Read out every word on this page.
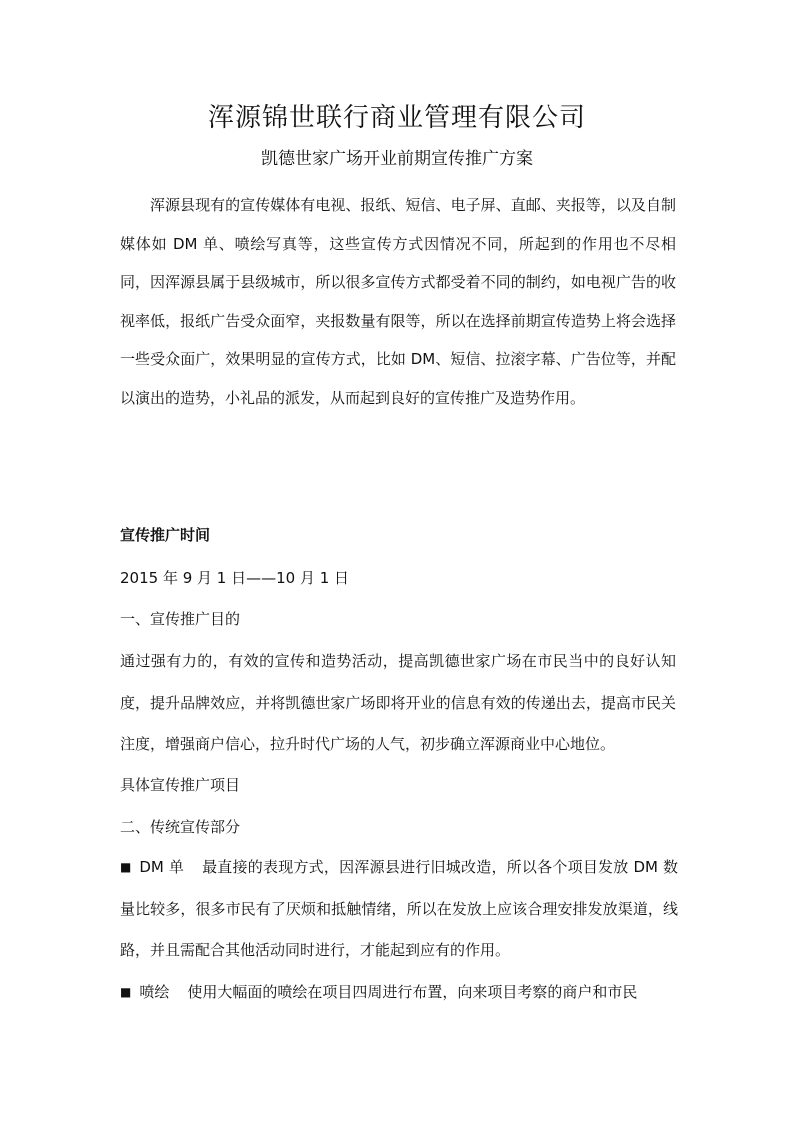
浑源锦世联行商业管理有限公司
凯德世家广场开业前期宣传推广方案

浑源县现有的宣传媒体有电视、报纸、短信、电子屏、直邮、夹报等，以及自制媒体如 DM 单、喷绘写真等，这些宣传方式因情况不同，所起到的作用也不尽相同，因浑源县属于县级城市，所以很多宣传方式都受着不同的制约，如电视广告的收视率低，报纸广告受众面窄，夹报数量有限等，所以在选择前期宣传造势上将会选择一些受众面广，效果明显的宣传方式，比如 DM、短信、拉滚字幕、广告位等，并配以演出的造势，小礼品的派发，从而起到良好的宣传推广及造势作用。

宣传推广时间

2015 年 9 月 1 日——10 月 1 日

一、宣传推广目的

通过强有力的，有效的宣传和造势活动，提高凯德世家广场在市民当中的良好认知度，提升品牌效应，并将凯德世家广场即将开业的信息有效的传递出去，提高市民关注度，增强商户信心，拉升时代广场的人气，初步确立浑源商业中心地位。

具体宣传推广项目

二、传统宣传部分

■ DM 单 最直接的表现方式，因浑源县进行旧城改造，所以各个项目发放 DM 数 量比较多，很多市民有了厌烦和抵触情绪，所以在发放上应该合理安排发放渠道，线路，并且需配合其他活动同时进行，才能起到应有的作用。

■ 喷绘 使用大幅面的喷绘在项目四周进行布置，向来项目考察的商户和市民
